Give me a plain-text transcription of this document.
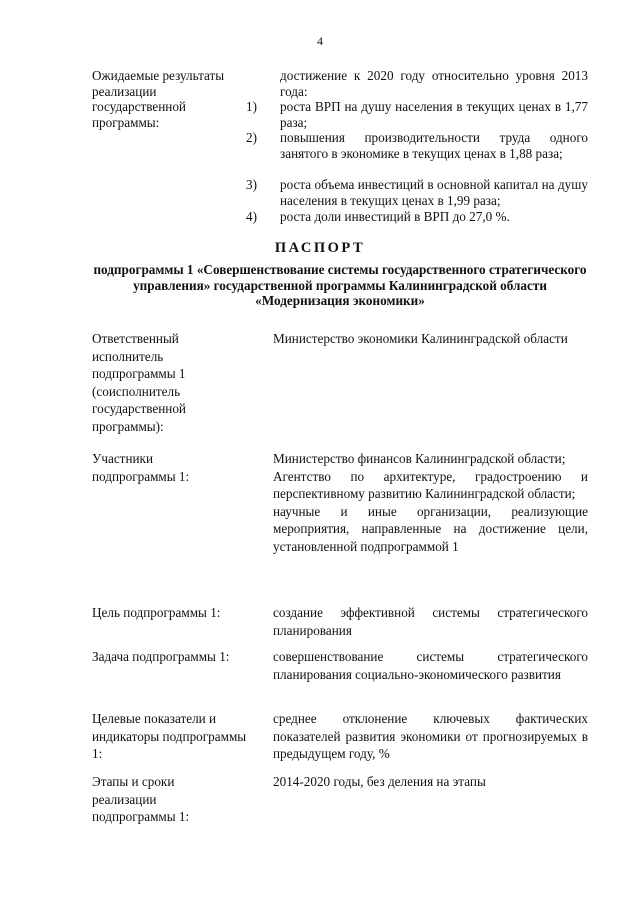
4
Ожидаемые результаты реализации государственной программы:
достижение к 2020 году относительно уровня 2013 года:
1)	роста ВРП на душу населения в текущих ценах в 1,77 раза;
2)	повышения производительности труда одного занятого в экономике в текущих ценах в 1,88 раза;
3)	роста объема инвестиций в основной капитал на душу населения в текущих ценах в 1,99 раза;
4)	роста доли инвестиций в ВРП до 27,0 %.
ПАСПОРТ
подпрограммы 1 «Совершенствование системы государственного стратегического управления» государственной программы Калининградской области «Модернизация экономики»
Ответственный исполнитель подпрограммы 1 (соисполнитель государственной программы):
Министерство экономики Калининградской области
Участники подпрограммы 1:

Министерство финансов Калининградской области;

Агентство по архитектуре, градостроению и перспективному развитию Калининградской области;

научные и иные организации, реализующие мероприятия, направленные на достижение цели, установленной подпрограммой 1

Цель подпрограммы 1:	создание эффективной системы стратегического планирования
Задача подпрограммы 1:	совершенствование системы стратегического планирования социально-экономического развития
Целевые показатели и индикаторы подпрограммы 1:
среднее отклонение ключевых фактических показателей развития экономики от прогнозируемых в предыдущем году, %
Этапы и сроки реализации подпрограммы 1:
2014-2020 годы, без деления на этапы
